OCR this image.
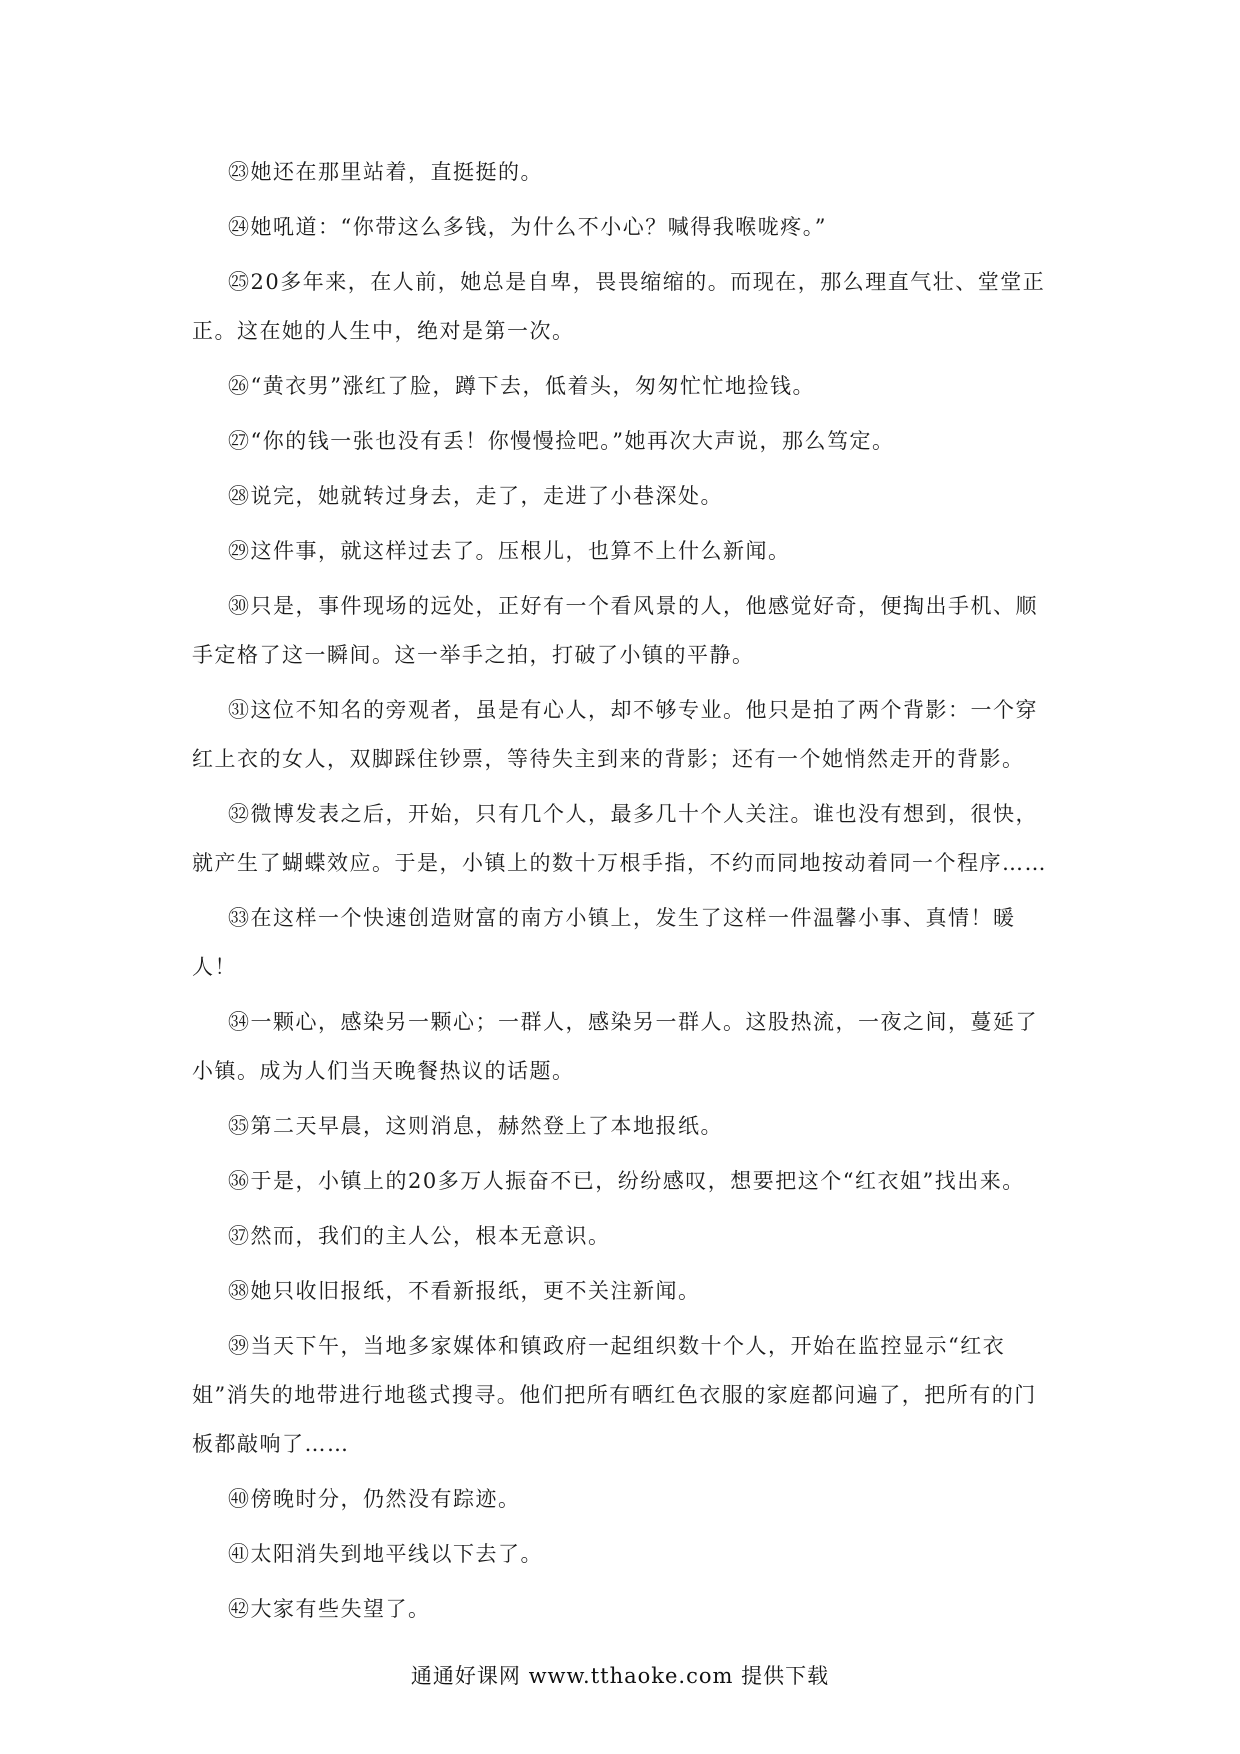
㉓她还在那里站着，直挺挺的。

㉔她吼道：“你带这么多钱，为什么不小心？喊得我喉咙疼。”

㉕20多年来，在人前，她总是自卑，畏畏缩缩的。而现在，那么理直气壮、堂堂正正。这在她的人生中，绝对是第一次。

㉖“黄衣男”涨红了脸，蹲下去，低着头，匆匆忙忙地捡钱。

㉗“你的钱一张也没有丢！你慢慢捡吧。”她再次大声说，那么笃定。

㉘说完，她就转过身去，走了，走进了小巷深处。

㉙这件事，就这样过去了。压根儿，也算不上什么新闻。

㉚只是，事件现场的远处，正好有一个看风景的人，他感觉好奇，便掏出手机、顺手定格了这一瞬间。这一举手之拍，打破了小镇的平静。

㉛这位不知名的旁观者，虽是有心人，却不够专业。他只是拍了两个背影：一个穿红上衣的女人，双脚踩住钞票，等待失主到来的背影；还有一个她悄然走开的背影。

㉜微博发表之后，开始，只有几个人，最多几十个人关注。谁也没有想到，很快，就产生了蝴蝶效应。于是，小镇上的数十万根手指，不约而同地按动着同一个程序……

㉝在这样一个快速创造财富的南方小镇上，发生了这样一件温馨小事、真情！暖人！

㉞一颗心，感染另一颗心；一群人，感染另一群人。这股热流，一夜之间，蔓延了小镇。成为人们当天晚餐热议的话题。

㉟第二天早晨，这则消息，赫然登上了本地报纸。

㊱于是，小镇上的20多万人振奋不已，纷纷感叹，想要把这个“红衣姐”找出来。

㊲然而，我们的主人公，根本无意识。

㊳她只收旧报纸，不看新报纸，更不关注新闻。

㊴当天下午，当地多家媒体和镇政府一起组织数十个人，开始在监控显示“红衣姐”消失的地带进行地毯式搜寻。他们把所有晒红色衣服的家庭都问遍了，把所有的门板都敲响了……

㊵傍晚时分，仍然没有踪迹。

㊶太阳消失到地平线以下去了。

㊷大家有些失望了。

通通好课网 www.tthaoke.com 提供下载
